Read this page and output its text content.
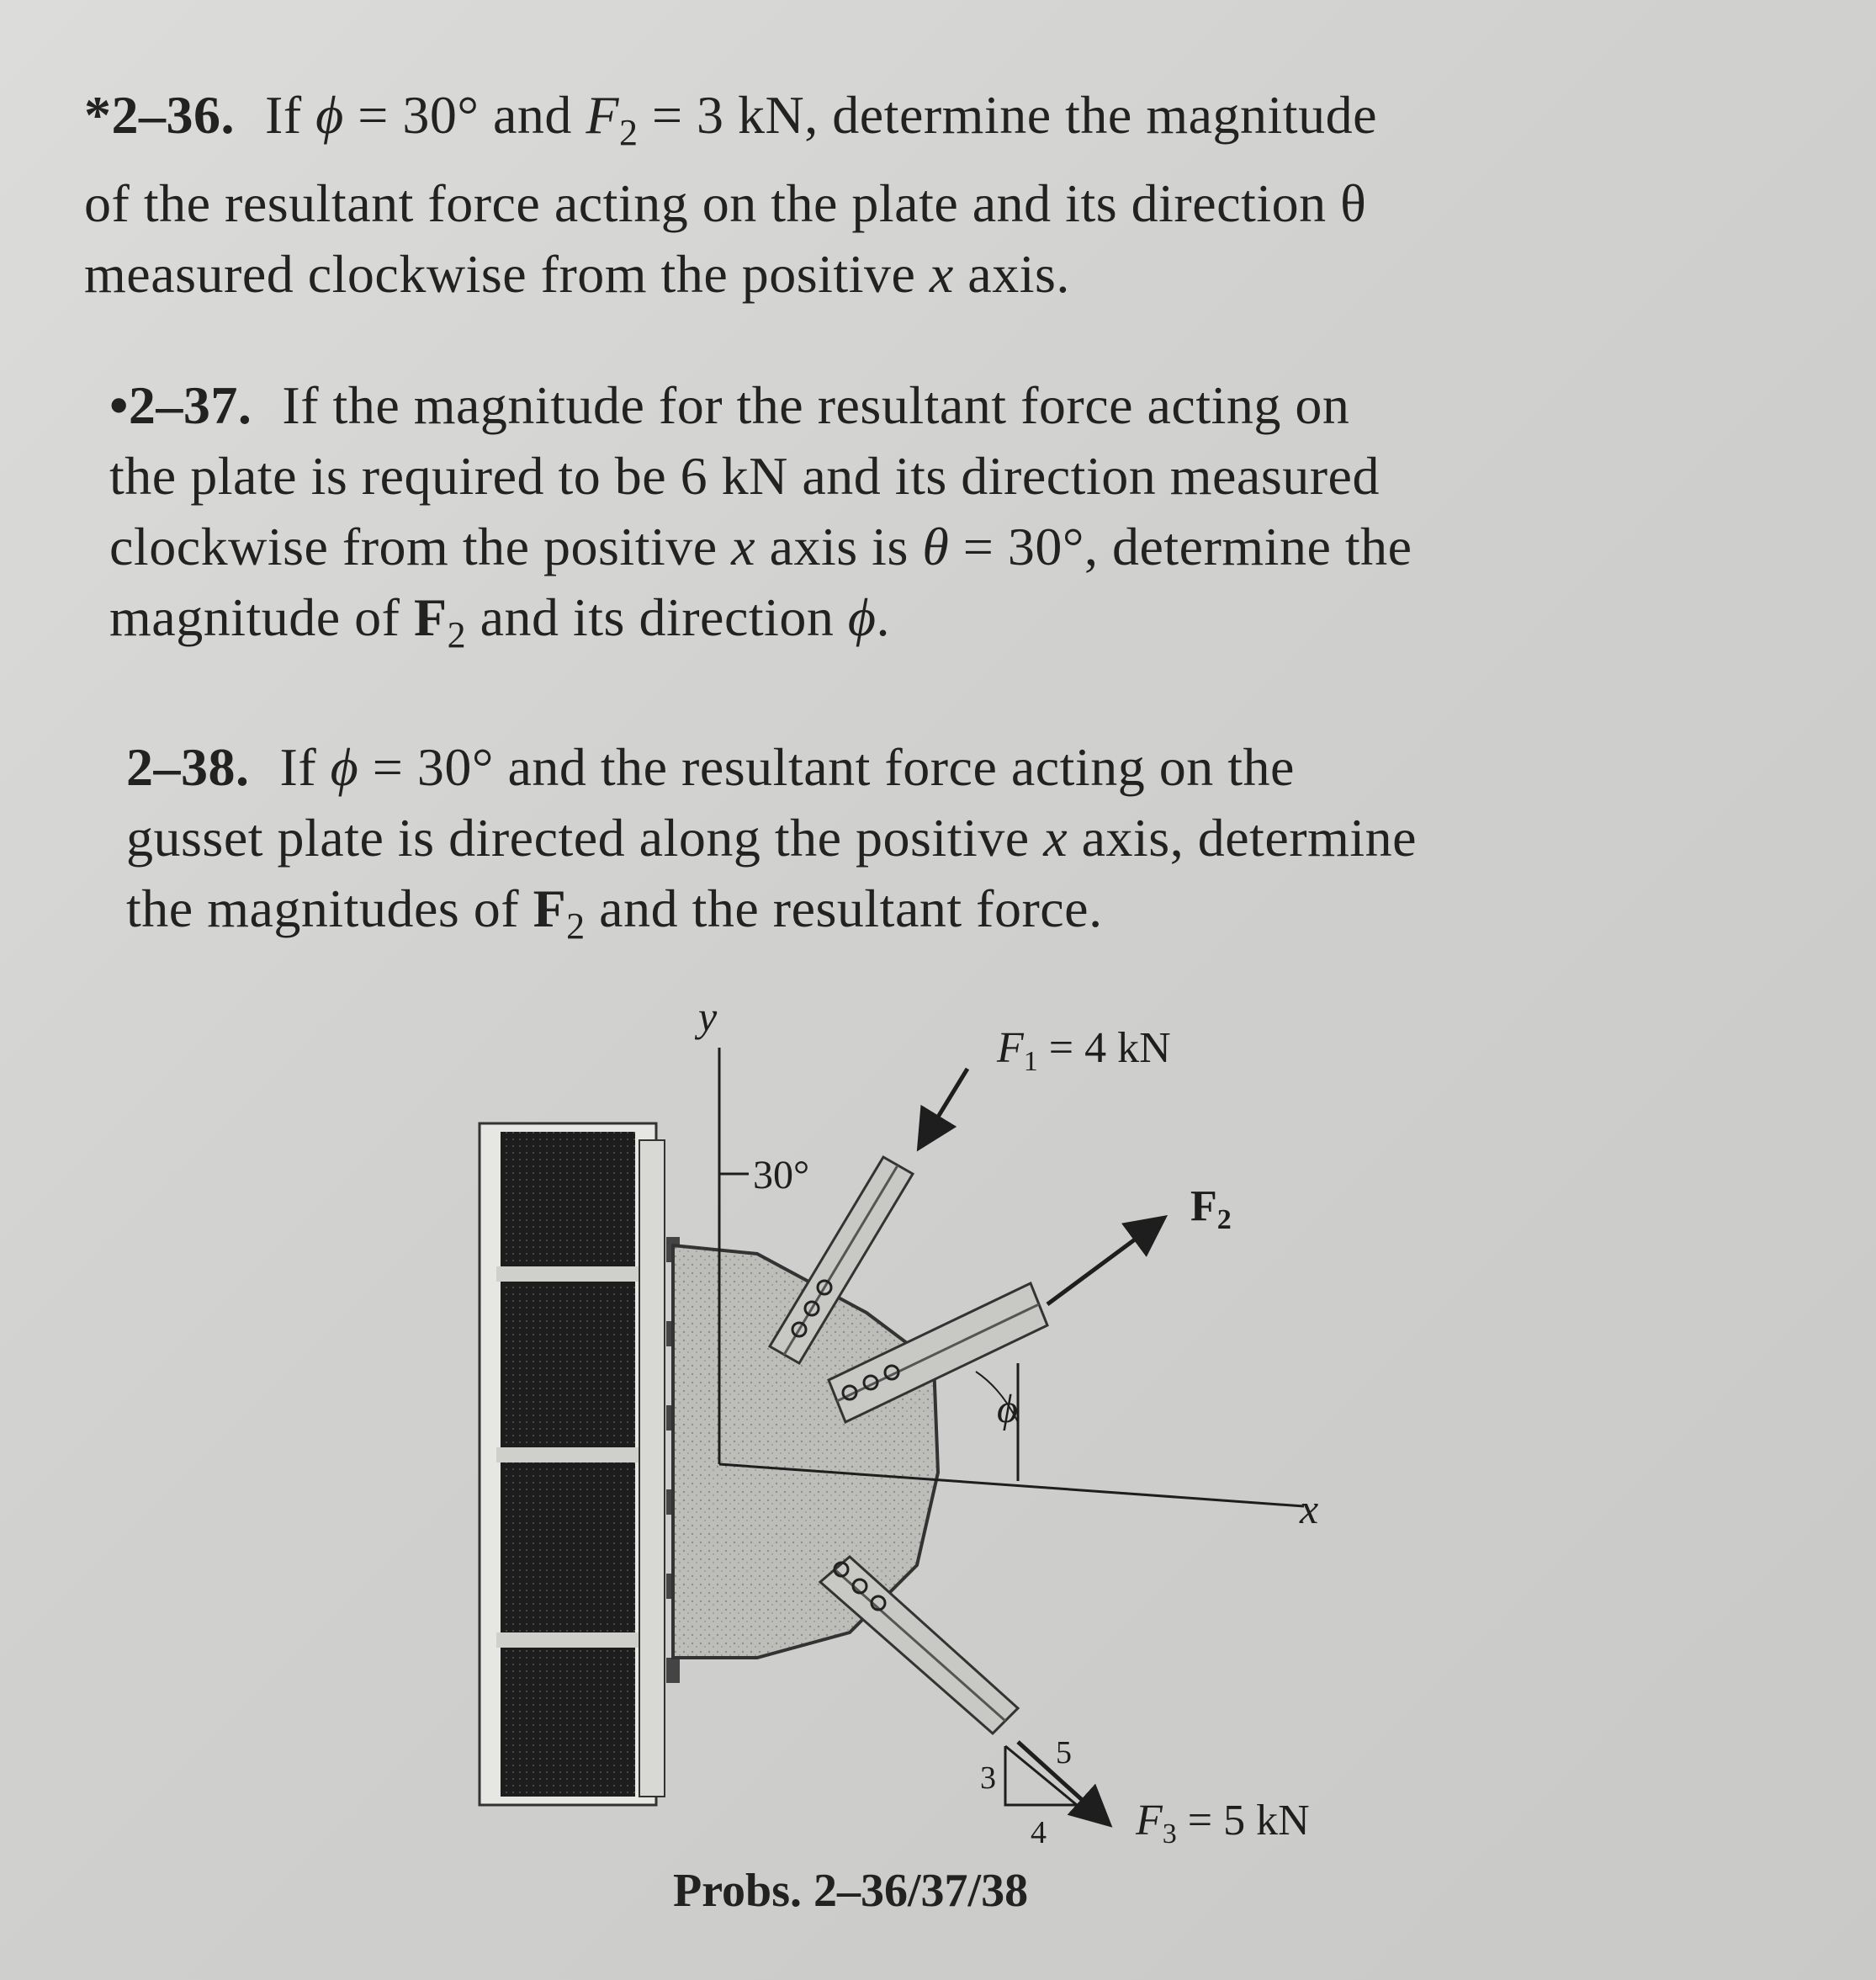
*2–36. If ϕ = 30° and $F_2 = 3$ kN, determine the magnitude
of the resultant force acting on the plate and its direction θ
measured clockwise from the positive x axis.
•2–37. If the magnitude for the resultant force acting on
the plate is required to be 6 kN and its direction measured
clockwise from the positive x axis is θ = 30°, determine the
magnitude of $F_2$ and its direction ϕ.
2–38. If ϕ = 30° and the resultant force acting on the
gusset plate is directed along the positive x axis, determine
the magnitudes of $F_2$ and the resultant force.
y
x
30°
ϕ
F1 = 4 kN
F2
5
3
4 F3 = 5 kN
Probs. 2–36/37/38
